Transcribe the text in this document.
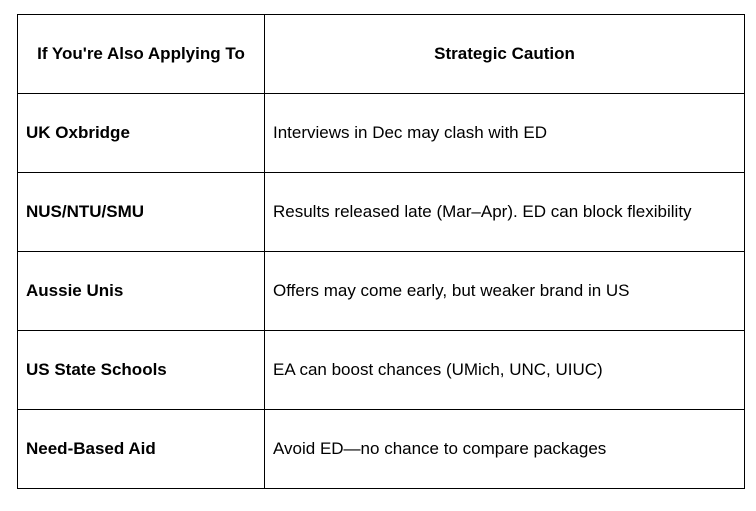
If You're Also Applying To	Strategic Caution
UK Oxbridge	Interviews in Dec may clash with ED
NUS/NTU/SMU	Results released late (Mar–Apr). ED can block flexibility
Aussie Unis	Offers may come early, but weaker brand in US
US State Schools	EA can boost chances (UMich, UNC, UIUC)
Need-Based Aid	Avoid ED—no chance to compare packages
